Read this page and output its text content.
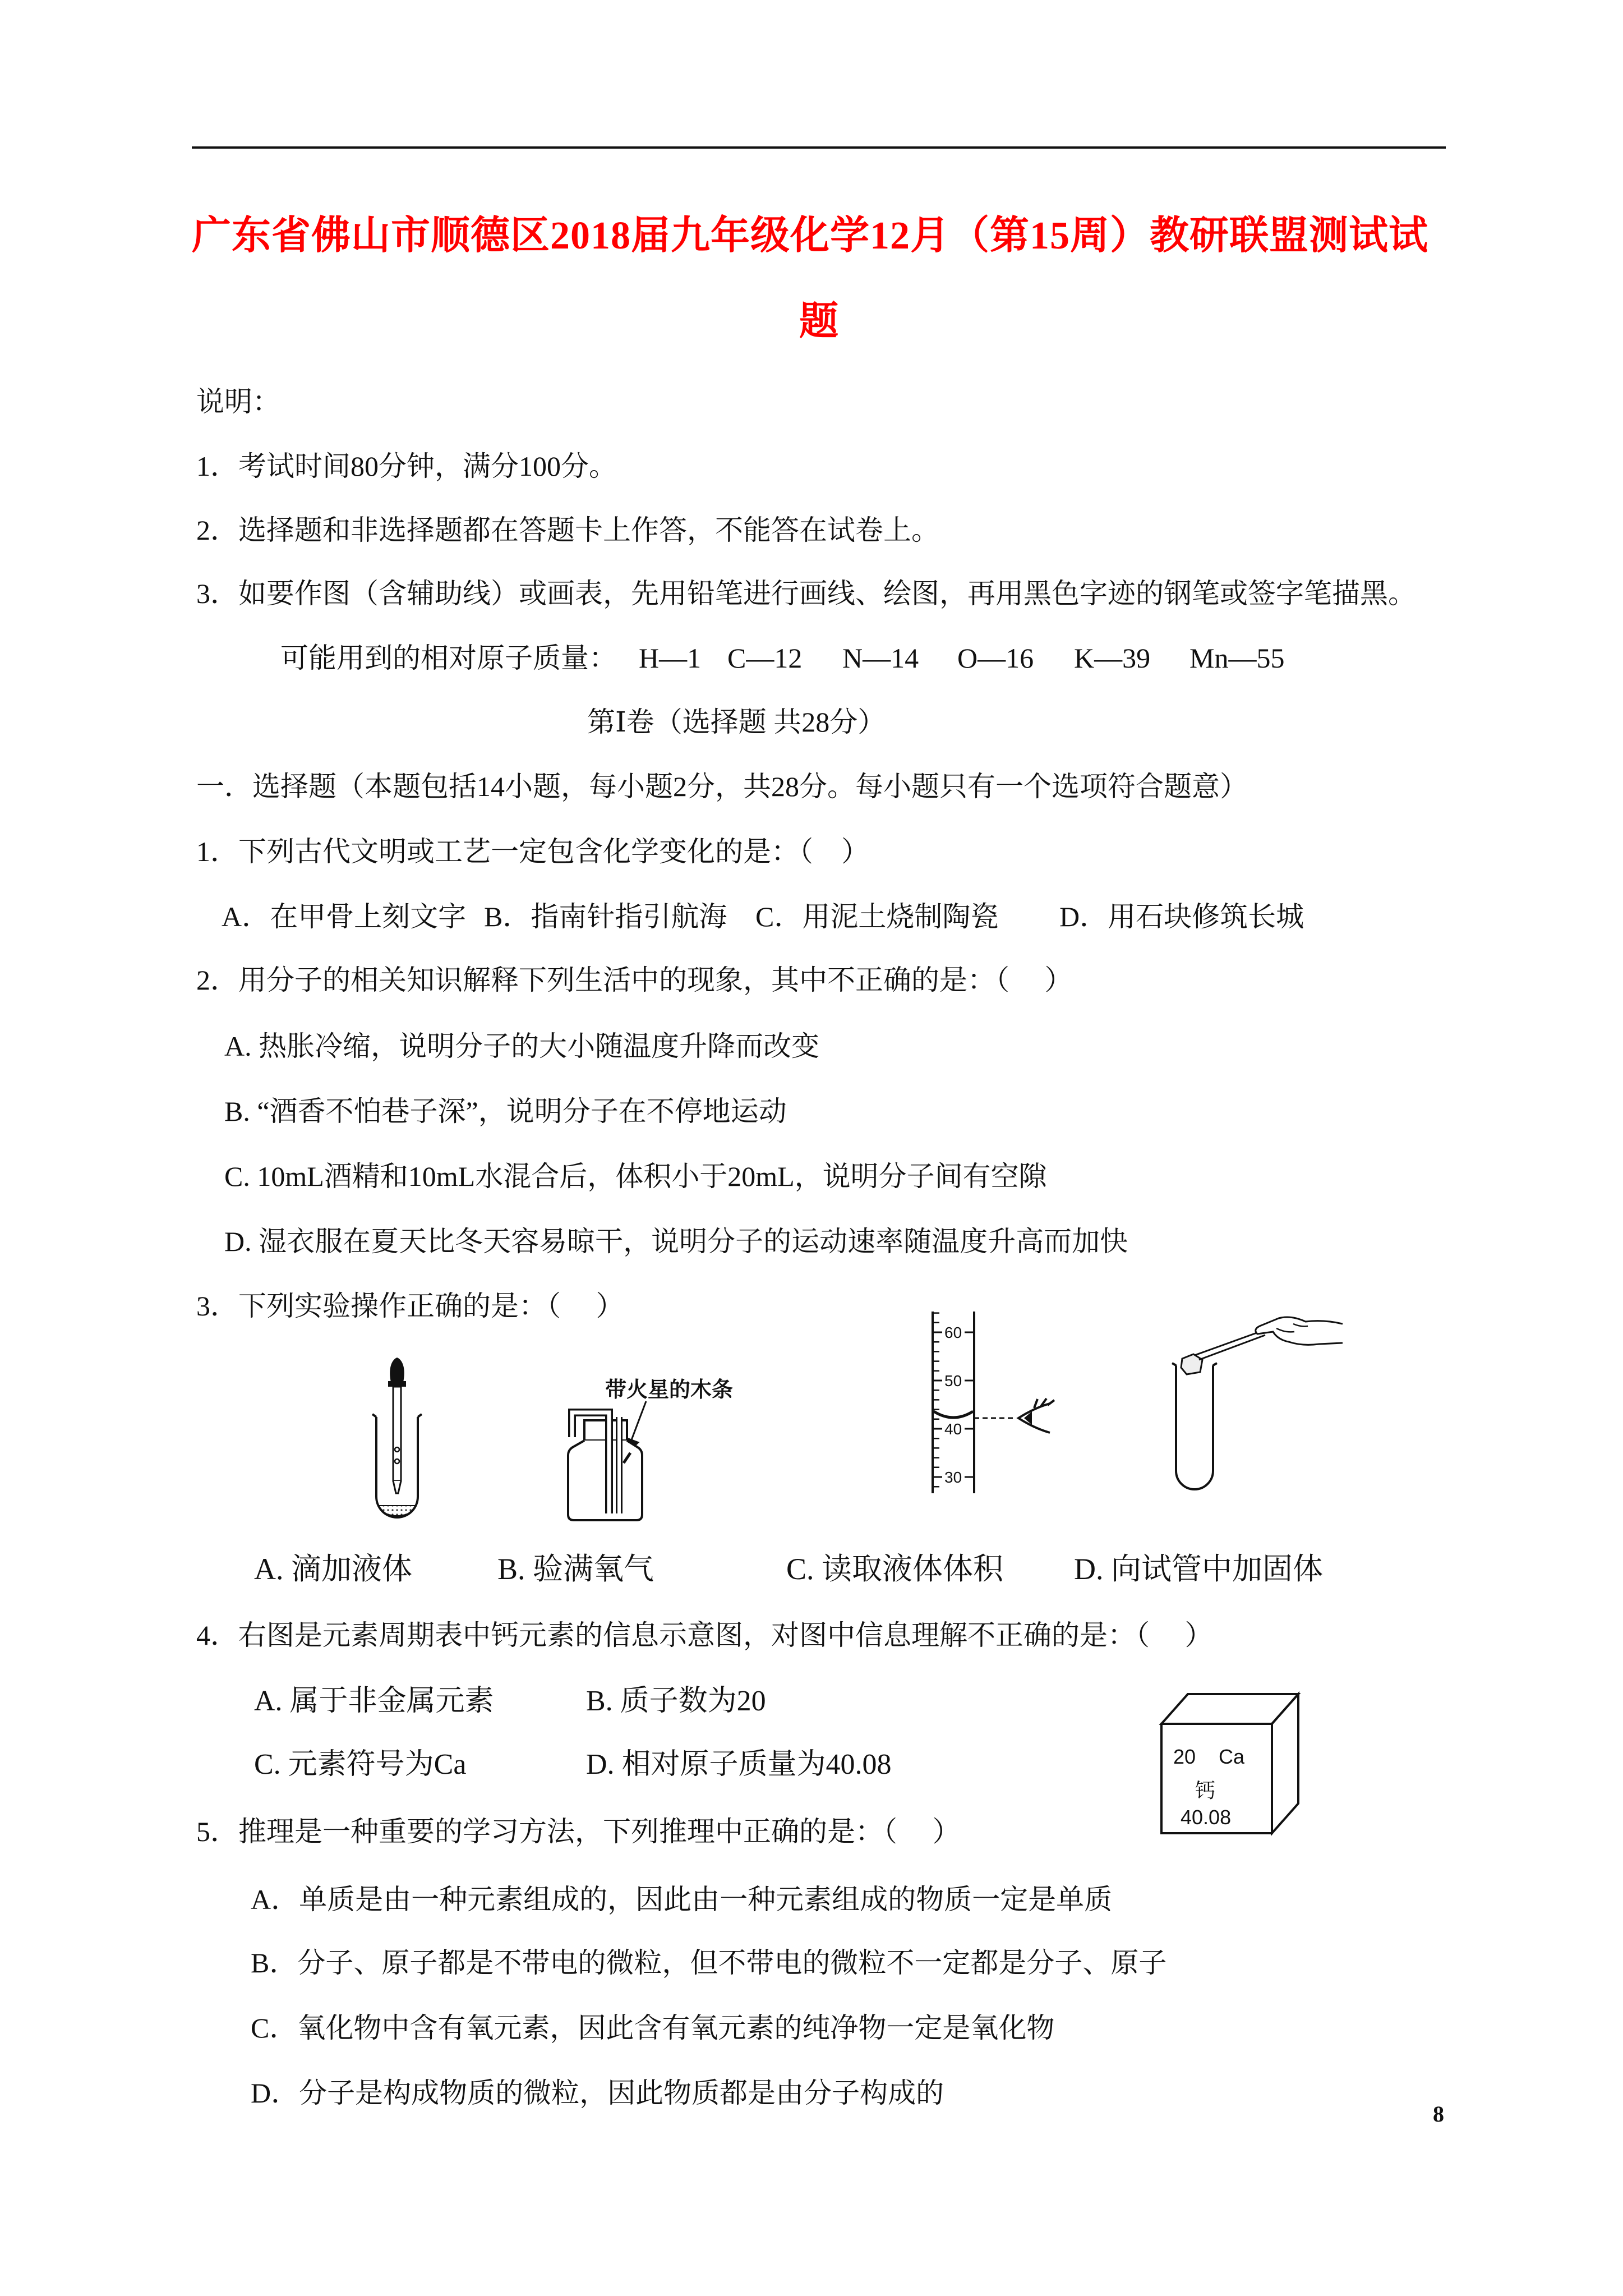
广东省佛山市顺德区2018届九年级化学12月（第15周）教研联盟测试试
题
说明：
1．考试时间80分钟，满分100分。
2．选择题和非选择题都在答题卡上作答，不能答在试卷上。
3．如要作图（含辅助线）或画表，先用铅笔进行画线、绘图，再用黑色字迹的钢笔或签字笔描黑。
可能用到的相对原子质量： H—1 C—12 N—14 O—16 K—39 Mn—55
第Ⅰ卷（选择题 共28分）
一．选择题（本题包括14小题，每小题2分，共28分。每小题只有一个选项符合题意）
1．下列古代文明或工艺一定包含化学变化的是：（    ）
A．在甲骨上刻文字 B．指南针指引航海 C．用泥土烧制陶瓷 D．用石块修筑长城
2．用分子的相关知识解释下列生活中的现象，其中不正确的是：（     ）
A. 热胀冷缩，说明分子的大小随温度升降而改变
B. “酒香不怕巷子深”，说明分子在不停地运动
C. 10mL酒精和10mL水混合后，体积小于20mL，说明分子间有空隙
D. 湿衣服在夏天比冬天容易晾干，说明分子的运动速率随温度升高而加快
3．下列实验操作正确的是：（     ）
带火星的木条
60
50
40
30
A. 滴加液体	B. 验满氧气	C. 读取液体体积 D. 向试管中加固体
4．右图是元素周期表中钙元素的信息示意图，对图中信息理解不正确的是：（     ）
A. 属于非金属元素	B. 质子数为20
C. 元素符号为Ca	D. 相对原子质量为40.08	20 Ca
钙
40.08
5．推理是一种重要的学习方法，下列推理中正确的是：（     ）
A．单质是由一种元素组成的，因此由一种元素组成的物质一定是单质
B．分子、原子都是不带电的微粒，但不带电的微粒不一定都是分子、原子
C．氧化物中含有氧元素，因此含有氧元素的纯净物一定是氧化物
D．分子是构成物质的微粒，因此物质都是由分子构成的
8
